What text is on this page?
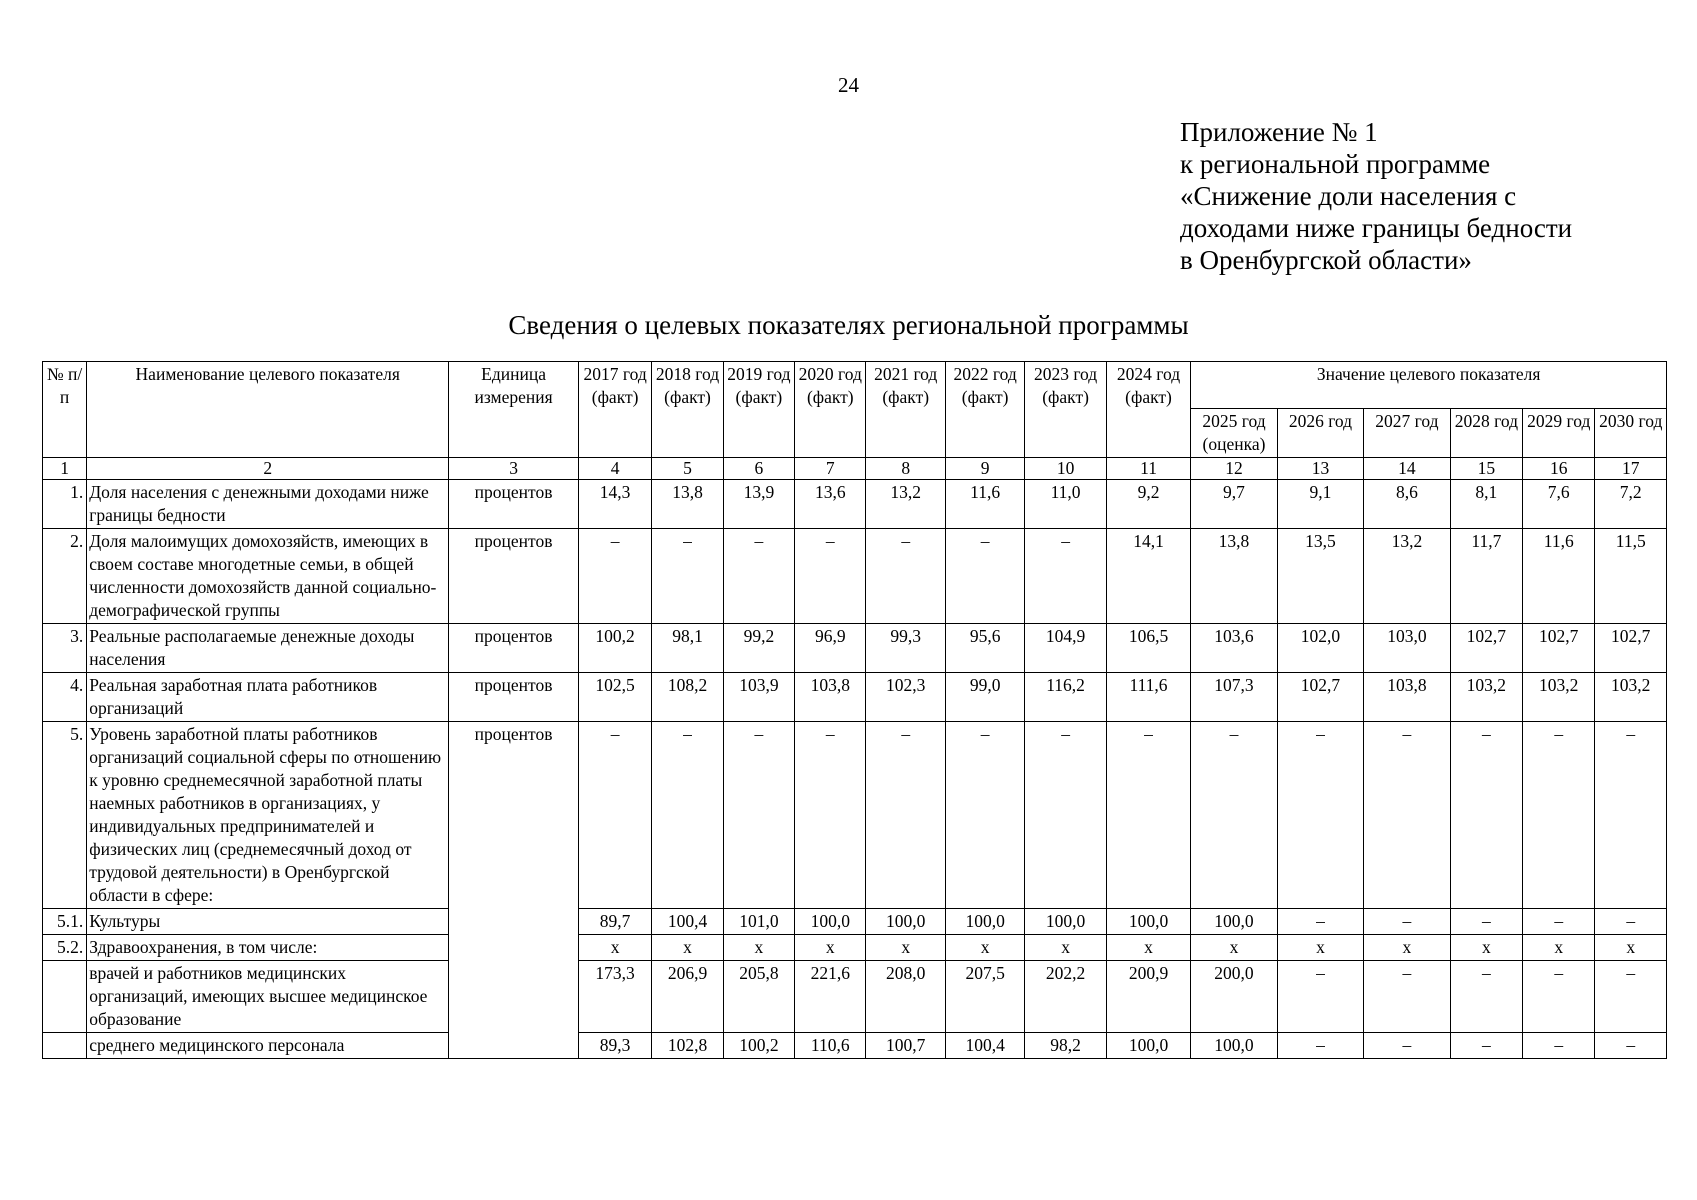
24
Приложение № 1
к региональной программе
«Снижение доли населения с
доходами ниже границы бедности
в Оренбургской области»
Сведения о целевых показателях региональной программы
№ п/п	Наименование целевого показателя	Единица измерения	2017 год (факт)	2018 год (факт)	2019 год (факт)	2020 год (факт)	2021 год (факт)	2022 год (факт)	2023 год (факт)	2024 год (факт)	Значение целевого показателя					
											2025 год (оценка)	2026 год	2027 год	2028 год	2029 год	2030 год
1	2	3	4	5	6	7	8	9	10	11	12	13	14	15	16	17
1.	Доля населения с денежными доходами ниже границы бедности	процентов	14,3	13,8	13,9	13,6	13,2	11,6	11,0	9,2	9,7	9,1	8,6	8,1	7,6	7,2
2.	Доля малоимущих домохозяйств, имеющих в своем составе многодетные семьи, в общей численности домохозяйств данной социально-демографической группы	процентов	–	–	–	–	–	–	–	14,1	13,8	13,5	13,2	11,7	11,6	11,5
3.	Реальные располагаемые денежные доходы населения	процентов	100,2	98,1	99,2	96,9	99,3	95,6	104,9	106,5	103,6	102,0	103,0	102,7	102,7	102,7
4.	Реальная заработная плата работников организаций	процентов	102,5	108,2	103,9	103,8	102,3	99,0	116,2	111,6	107,3	102,7	103,8	103,2	103,2	103,2
5.	Уровень заработной платы работников организаций социальной сферы по отношению к уровню среднемесячной заработной платы наемных работников в организациях, у индивидуальных предпринимателей и физических лиц (среднемесячный доход от трудовой деятельности) в Оренбургской области в сфере:	процентов	–	–	–	–	–	–	–	–	–	–	–	–	–	–
5.1.	Культуры		89,7	100,4	101,0	100,0	100,0	100,0	100,0	100,0	100,0	–	–	–	–	–
5.2.	Здравоохранения, в том числе:		х	х	х	х	х	х	х	х	х	х	х	х	х	х
	врачей и работников медицинских организаций, имеющих высшее медицинское образование		173,3	206,9	205,8	221,6	208,0	207,5	202,2	200,9	200,0	–	–	–	–	–
	среднего медицинского персонала		89,3	102,8	100,2	110,6	100,7	100,4	98,2	100,0	100,0	–	–	–	–	–
